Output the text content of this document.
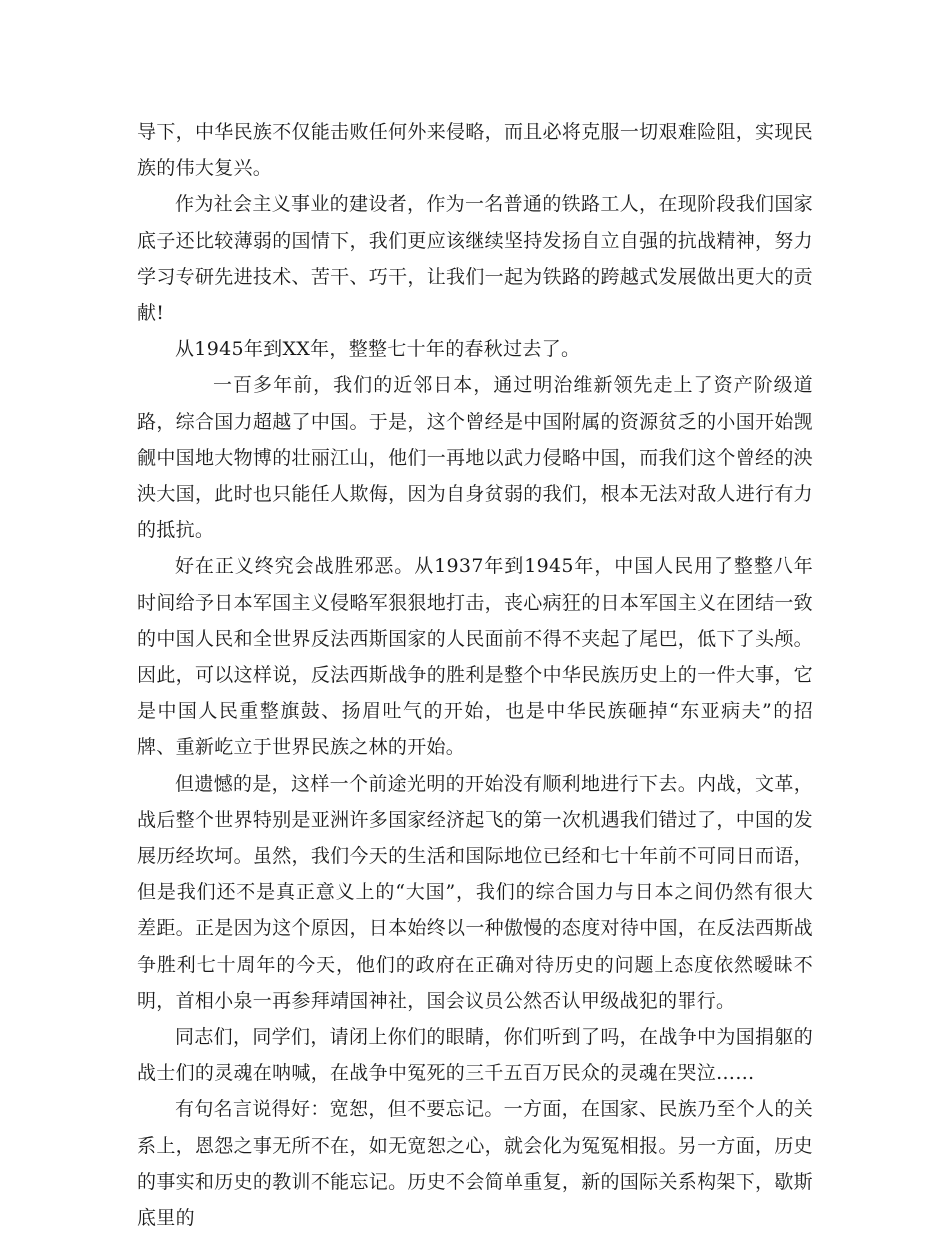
导下，中华民族不仅能击败任何外来侵略，而且必将克服一切艰难险阻，实现民族的伟大复兴。

作为社会主义事业的建设者，作为一名普通的铁路工人，在现阶段我们国家底子还比较薄弱的国情下，我们更应该继续坚持发扬自立自强的抗战精神，努力学习专研先进技术、苦干、巧干，让我们一起为铁路的跨越式发展做出更大的贡献!

从1945年到XX年，整整七十年的春秋过去了。

一百多年前，我们的近邻日本，通过明治维新领先走上了资产阶级道路，综合国力超越了中国。于是，这个曾经是中国附属的资源贫乏的小国开始觊觎中国地大物博的壮丽江山，他们一再地以武力侵略中国，而我们这个曾经的泱泱大国，此时也只能任人欺侮，因为自身贫弱的我们，根本无法对敌人进行有力的抵抗。

好在正义终究会战胜邪恶。从1937年到1945年，中国人民用了整整八年时间给予日本军国主义侵略军狠狠地打击，丧心病狂的日本军国主义在团结一致的中国人民和全世界反法西斯国家的人民面前不得不夹起了尾巴，低下了头颅。因此，可以这样说，反法西斯战争的胜利是整个中华民族历史上的一件大事，它是中国人民重整旗鼓、扬眉吐气的开始，也是中华民族砸掉“东亚病夫”的招牌、重新屹立于世界民族之林的开始。

但遗憾的是，这样一个前途光明的开始没有顺利地进行下去。内战，文革，战后整个世界特别是亚洲许多国家经济起飞的第一次机遇我们错过了，中国的发展历经坎坷。虽然，我们今天的生活和国际地位已经和七十年前不可同日而语，但是我们还不是真正意义上的“大国”，我们的综合国力与日本之间仍然有很大差距。正是因为这个原因，日本始终以一种傲慢的态度对待中国，在反法西斯战争胜利七十周年的今天，他们的政府在正确对待历史的问题上态度依然暧昧不明，首相小泉一再参拜靖国神社，国会议员公然否认甲级战犯的罪行。

同志们，同学们，请闭上你们的眼睛，你们听到了吗，在战争中为国捐躯的战士们的灵魂在呐喊，在战争中冤死的三千五百万民众的灵魂在哭泣……

有句名言说得好：宽恕，但不要忘记。一方面，在国家、民族乃至个人的关系上，恩怨之事无所不在，如无宽恕之心，就会化为冤冤相报。另一方面，历史的事实和历史的教训不能忘记。历史不会简单重复，新的国际关系构架下，歇斯底里的
